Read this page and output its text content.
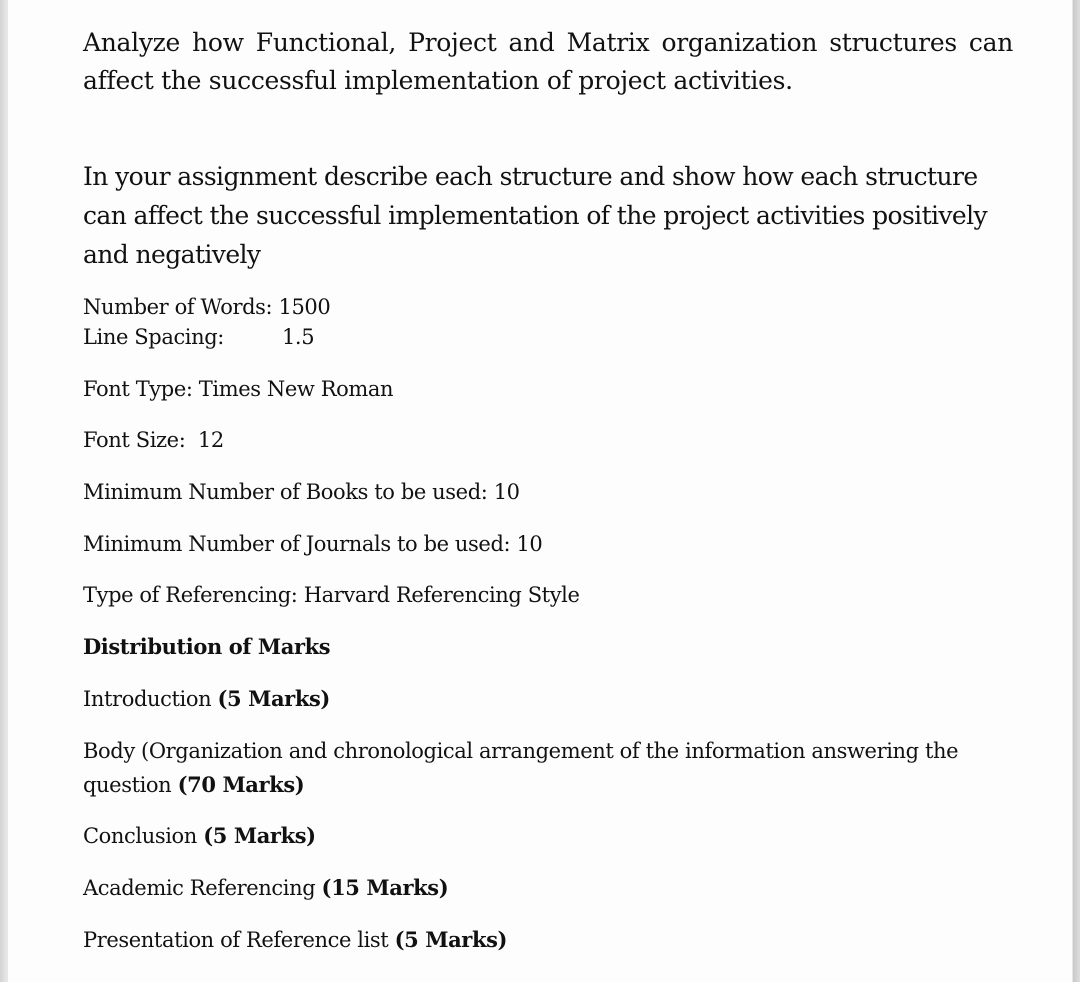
Analyze how Functional, Project and Matrix organization structures can affect the successful implementation of project activities.
In your assignment describe each structure and show how each structure can affect the successful implementation of the project activities positively and negatively
Number of Words: 1500
Line Spacing:	1.5
Font Type: Times New Roman
Font Size:  12
Minimum Number of Books to be used: 10
Minimum Number of Journals to be used: 10
Type of Referencing: Harvard Referencing Style
Distribution of Marks
Introduction (5 Marks)
Body (Organization and chronological arrangement of the information answering the question (70 Marks)
Conclusion (5 Marks)
Academic Referencing (15 Marks)
Presentation of Reference list (5 Marks)
